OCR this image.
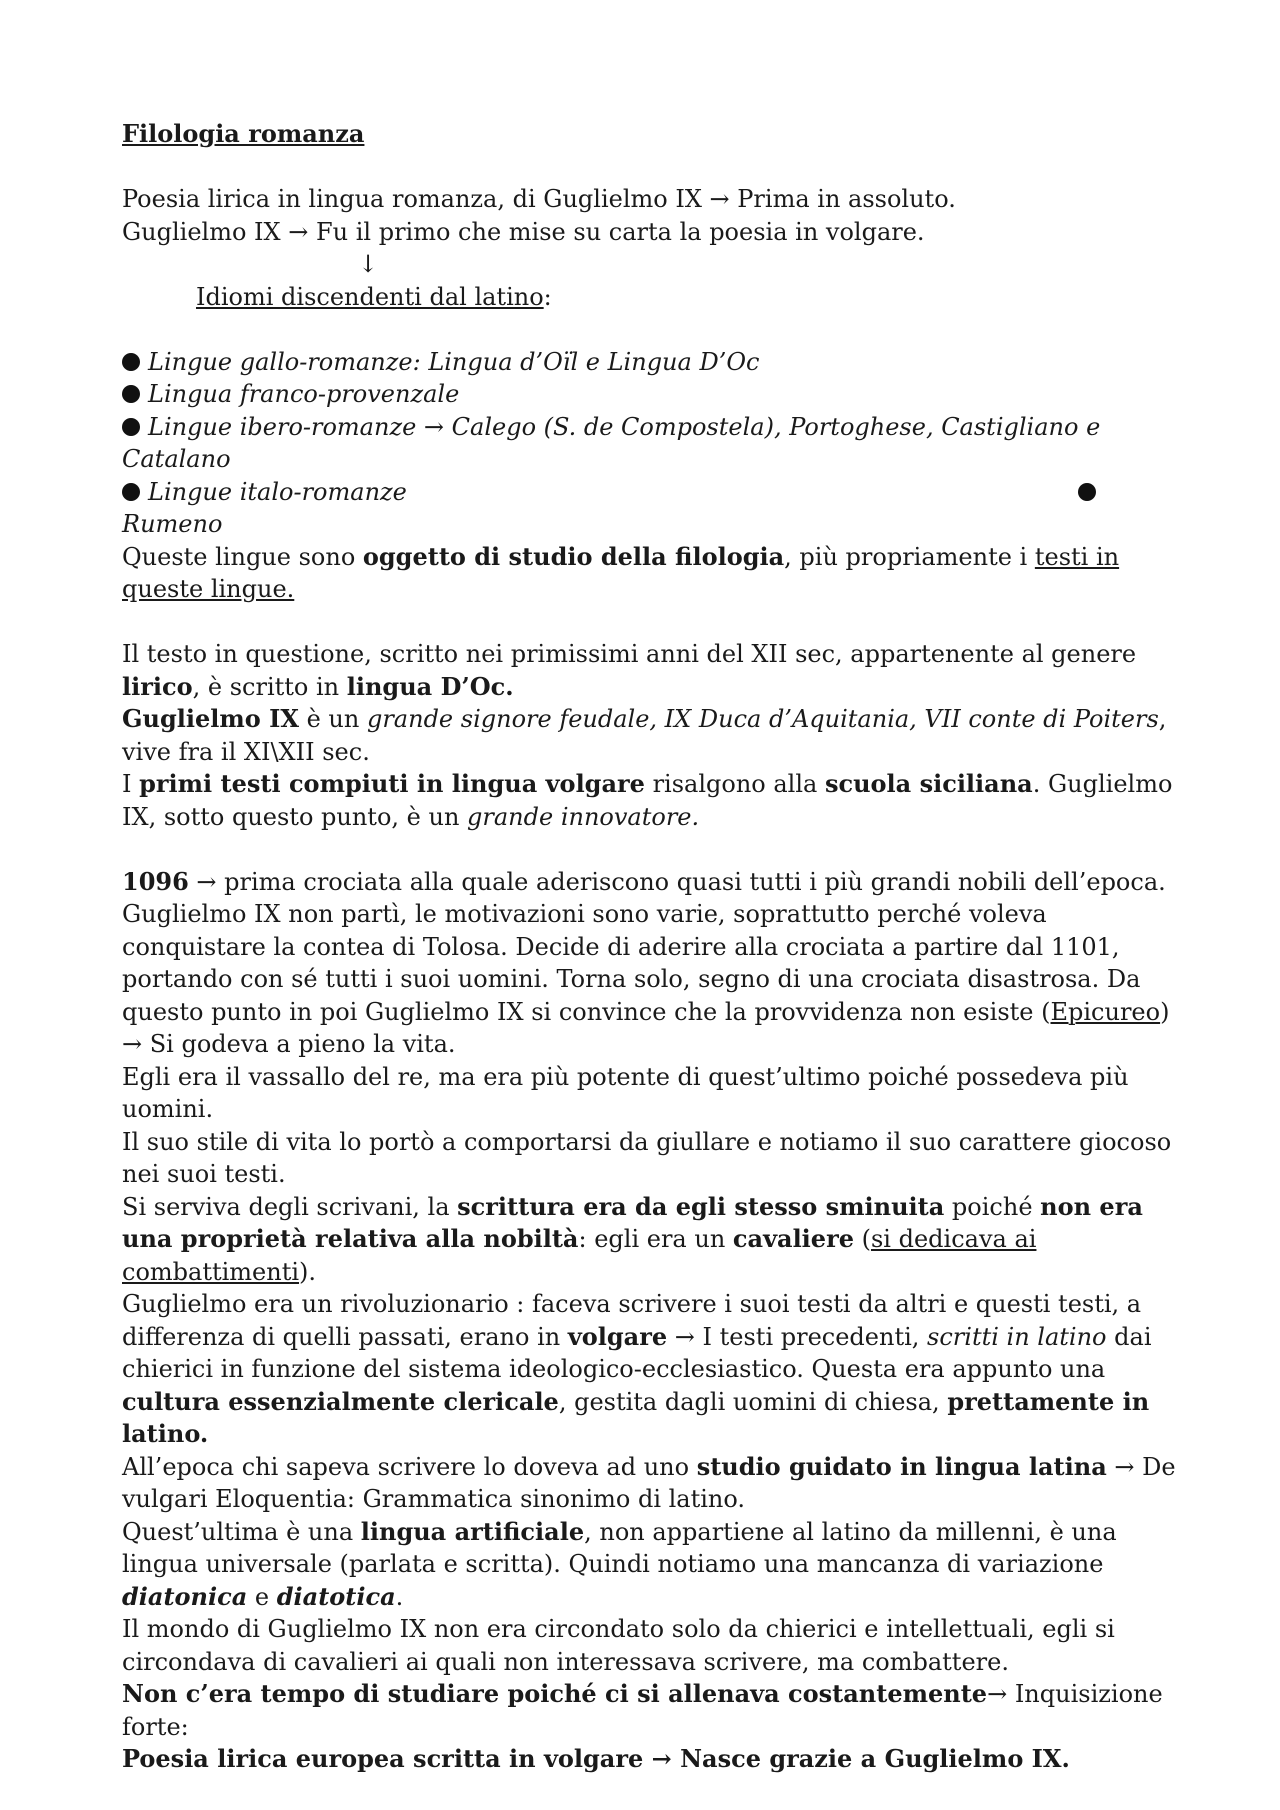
Filologia romanza

Poesia lirica in lingua romanza, di Guglielmo IX → Prima in assoluto.

Guglielmo IX → Fu il primo che mise su carta la poesia in volgare.

↓

Idiomi discendenti dal latino:

Lingue gallo-romanze: Lingua d’Oïl e Lingua D’Oc

Lingua franco-provenzale

Lingue ibero-romanze → Calego (S. de Compostela), Portoghese, Castigliano e Catalano

Lingue italo-romanze

Rumeno

Queste lingue sono oggetto di studio della filologia, più propriamente i testi in queste lingue.

Il testo in questione, scritto nei primissimi anni del XII sec, appartenente al genere lirico, è scritto in lingua D’Oc.

Guglielmo IX è un grande signore feudale, IX Duca d’Aquitania, VII conte di Poiters, vive fra il XI\XII sec.

I primi testi compiuti in lingua volgare risalgono alla scuola siciliana. Guglielmo IX, sotto questo punto, è un grande innovatore.

1096 → prima crociata alla quale aderiscono quasi tutti i più grandi nobili dell’epoca. Guglielmo IX non partì, le motivazioni sono varie, soprattutto perché voleva conquistare la contea di Tolosa. Decide di aderire alla crociata a partire dal 1101, portando con sé tutti i suoi uomini. Torna solo, segno di una crociata disastrosa. Da questo punto in poi Guglielmo IX si convince che la provvidenza non esiste (Epicureo) → Si godeva a pieno la vita.

Egli era il vassallo del re, ma era più potente di quest’ultimo poiché possedeva più uomini.

Il suo stile di vita lo portò a comportarsi da giullare e notiamo il suo carattere giocoso nei suoi testi.

Si serviva degli scrivani, la scrittura era da egli stesso sminuita poiché non era una proprietà relativa alla nobiltà: egli era un cavaliere (si dedicava ai combattimenti).

Guglielmo era un rivoluzionario : faceva scrivere i suoi testi da altri e questi testi, a differenza di quelli passati, erano in volgare → I testi precedenti, scritti in latino dai chierici in funzione del sistema ideologico-ecclesiastico. Questa era appunto una cultura essenzialmente clericale, gestita dagli uomini di chiesa, prettamente in latino.

All’epoca chi sapeva scrivere lo doveva ad uno studio guidato in lingua latina → De vulgari Eloquentia: Grammatica sinonimo di latino.

Quest’ultima è una lingua artificiale, non appartiene al latino da millenni, è una lingua universale (parlata e scritta). Quindi notiamo una mancanza di variazione diatonica e diatotica.

Il mondo di Guglielmo IX non era circondato solo da chierici e intellettuali, egli si circondava di cavalieri ai quali non interessava scrivere, ma combattere.

Non c’era tempo di studiare poiché ci si allenava costantemente→ Inquisizione forte:

Poesia lirica europea scritta in volgare → Nasce grazie a Guglielmo IX.
